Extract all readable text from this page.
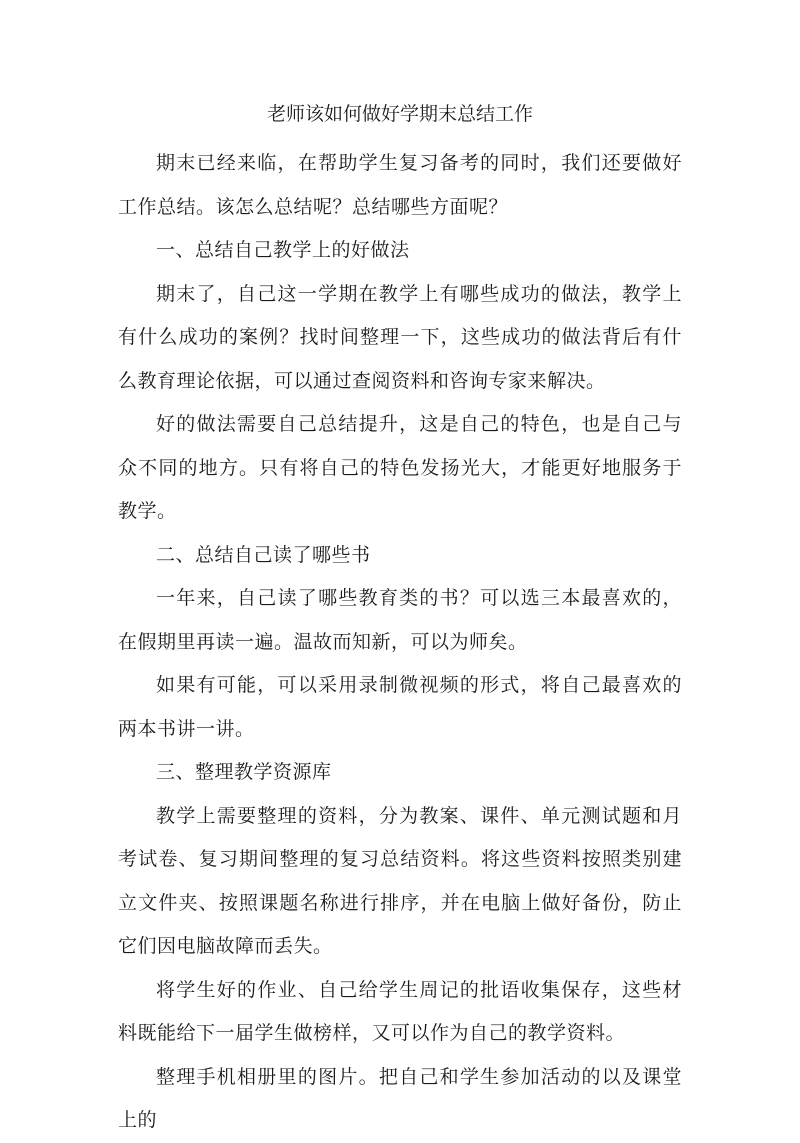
老师该如何做好学期末总结工作

期末已经来临，在帮助学生复习备考的同时，我们还要做好工作总结。该怎么总结呢？总结哪些方面呢？

一、总结自己教学上的好做法

期末了，自己这一学期在教学上有哪些成功的做法，教学上有什么成功的案例？找时间整理一下，这些成功的做法背后有什么教育理论依据，可以通过查阅资料和咨询专家来解决。

好的做法需要自己总结提升，这是自己的特色，也是自己与众不同的地方。只有将自己的特色发扬光大，才能更好地服务于教学。

二、总结自己读了哪些书

一年来，自己读了哪些教育类的书？可以选三本最喜欢的，在假期里再读一遍。温故而知新，可以为师矣。

如果有可能，可以采用录制微视频的形式，将自己最喜欢的两本书讲一讲。

三、整理教学资源库

教学上需要整理的资料，分为教案、课件、单元测试题和月考试卷、复习期间整理的复习总结资料。将这些资料按照类别建立文件夹、按照课题名称进行排序，并在电脑上做好备份，防止它们因电脑故障而丢失。

将学生好的作业、自己给学生周记的批语收集保存，这些材料既能给下一届学生做榜样，又可以作为自己的教学资料。

整理手机相册里的图片。把自己和学生参加活动的以及课堂上的
